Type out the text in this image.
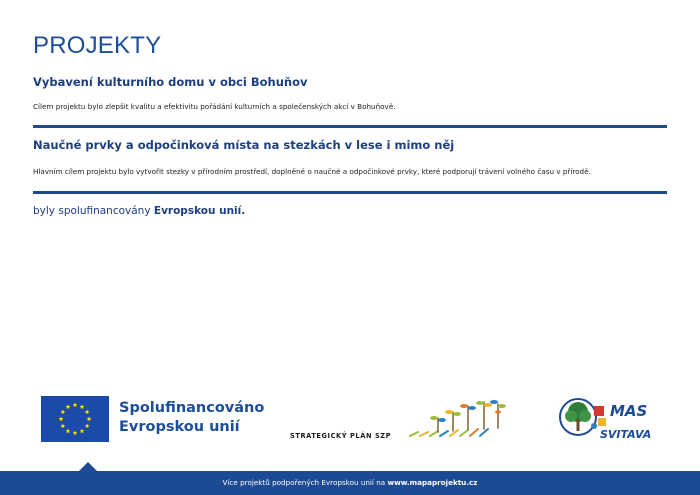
PROJEKTY
Vybavení kulturního domu v obci Bohuňov
Cílem projektu bylo zlepšit kvalitu a efektivitu pořádání kulturních a společenských akcí v Bohuňově.
Naučné prvky a odpočinková místa na stezkách v lese i mimo něj
Hlavním cílem projektu bylo vytvořit stezky v přírodním prostředí, doplněné o naučné a odpočinkové prvky, které podporují trávení volného času v přírodě.
byly spolufinancovány Evropskou unií.
Spolufinancováno
Evropskou unií
STRATEGICKÝ PLÁN SZP
MAS
SVITAVA
Více projektů podpořených Evropskou unií na www.mapaprojektu.cz
